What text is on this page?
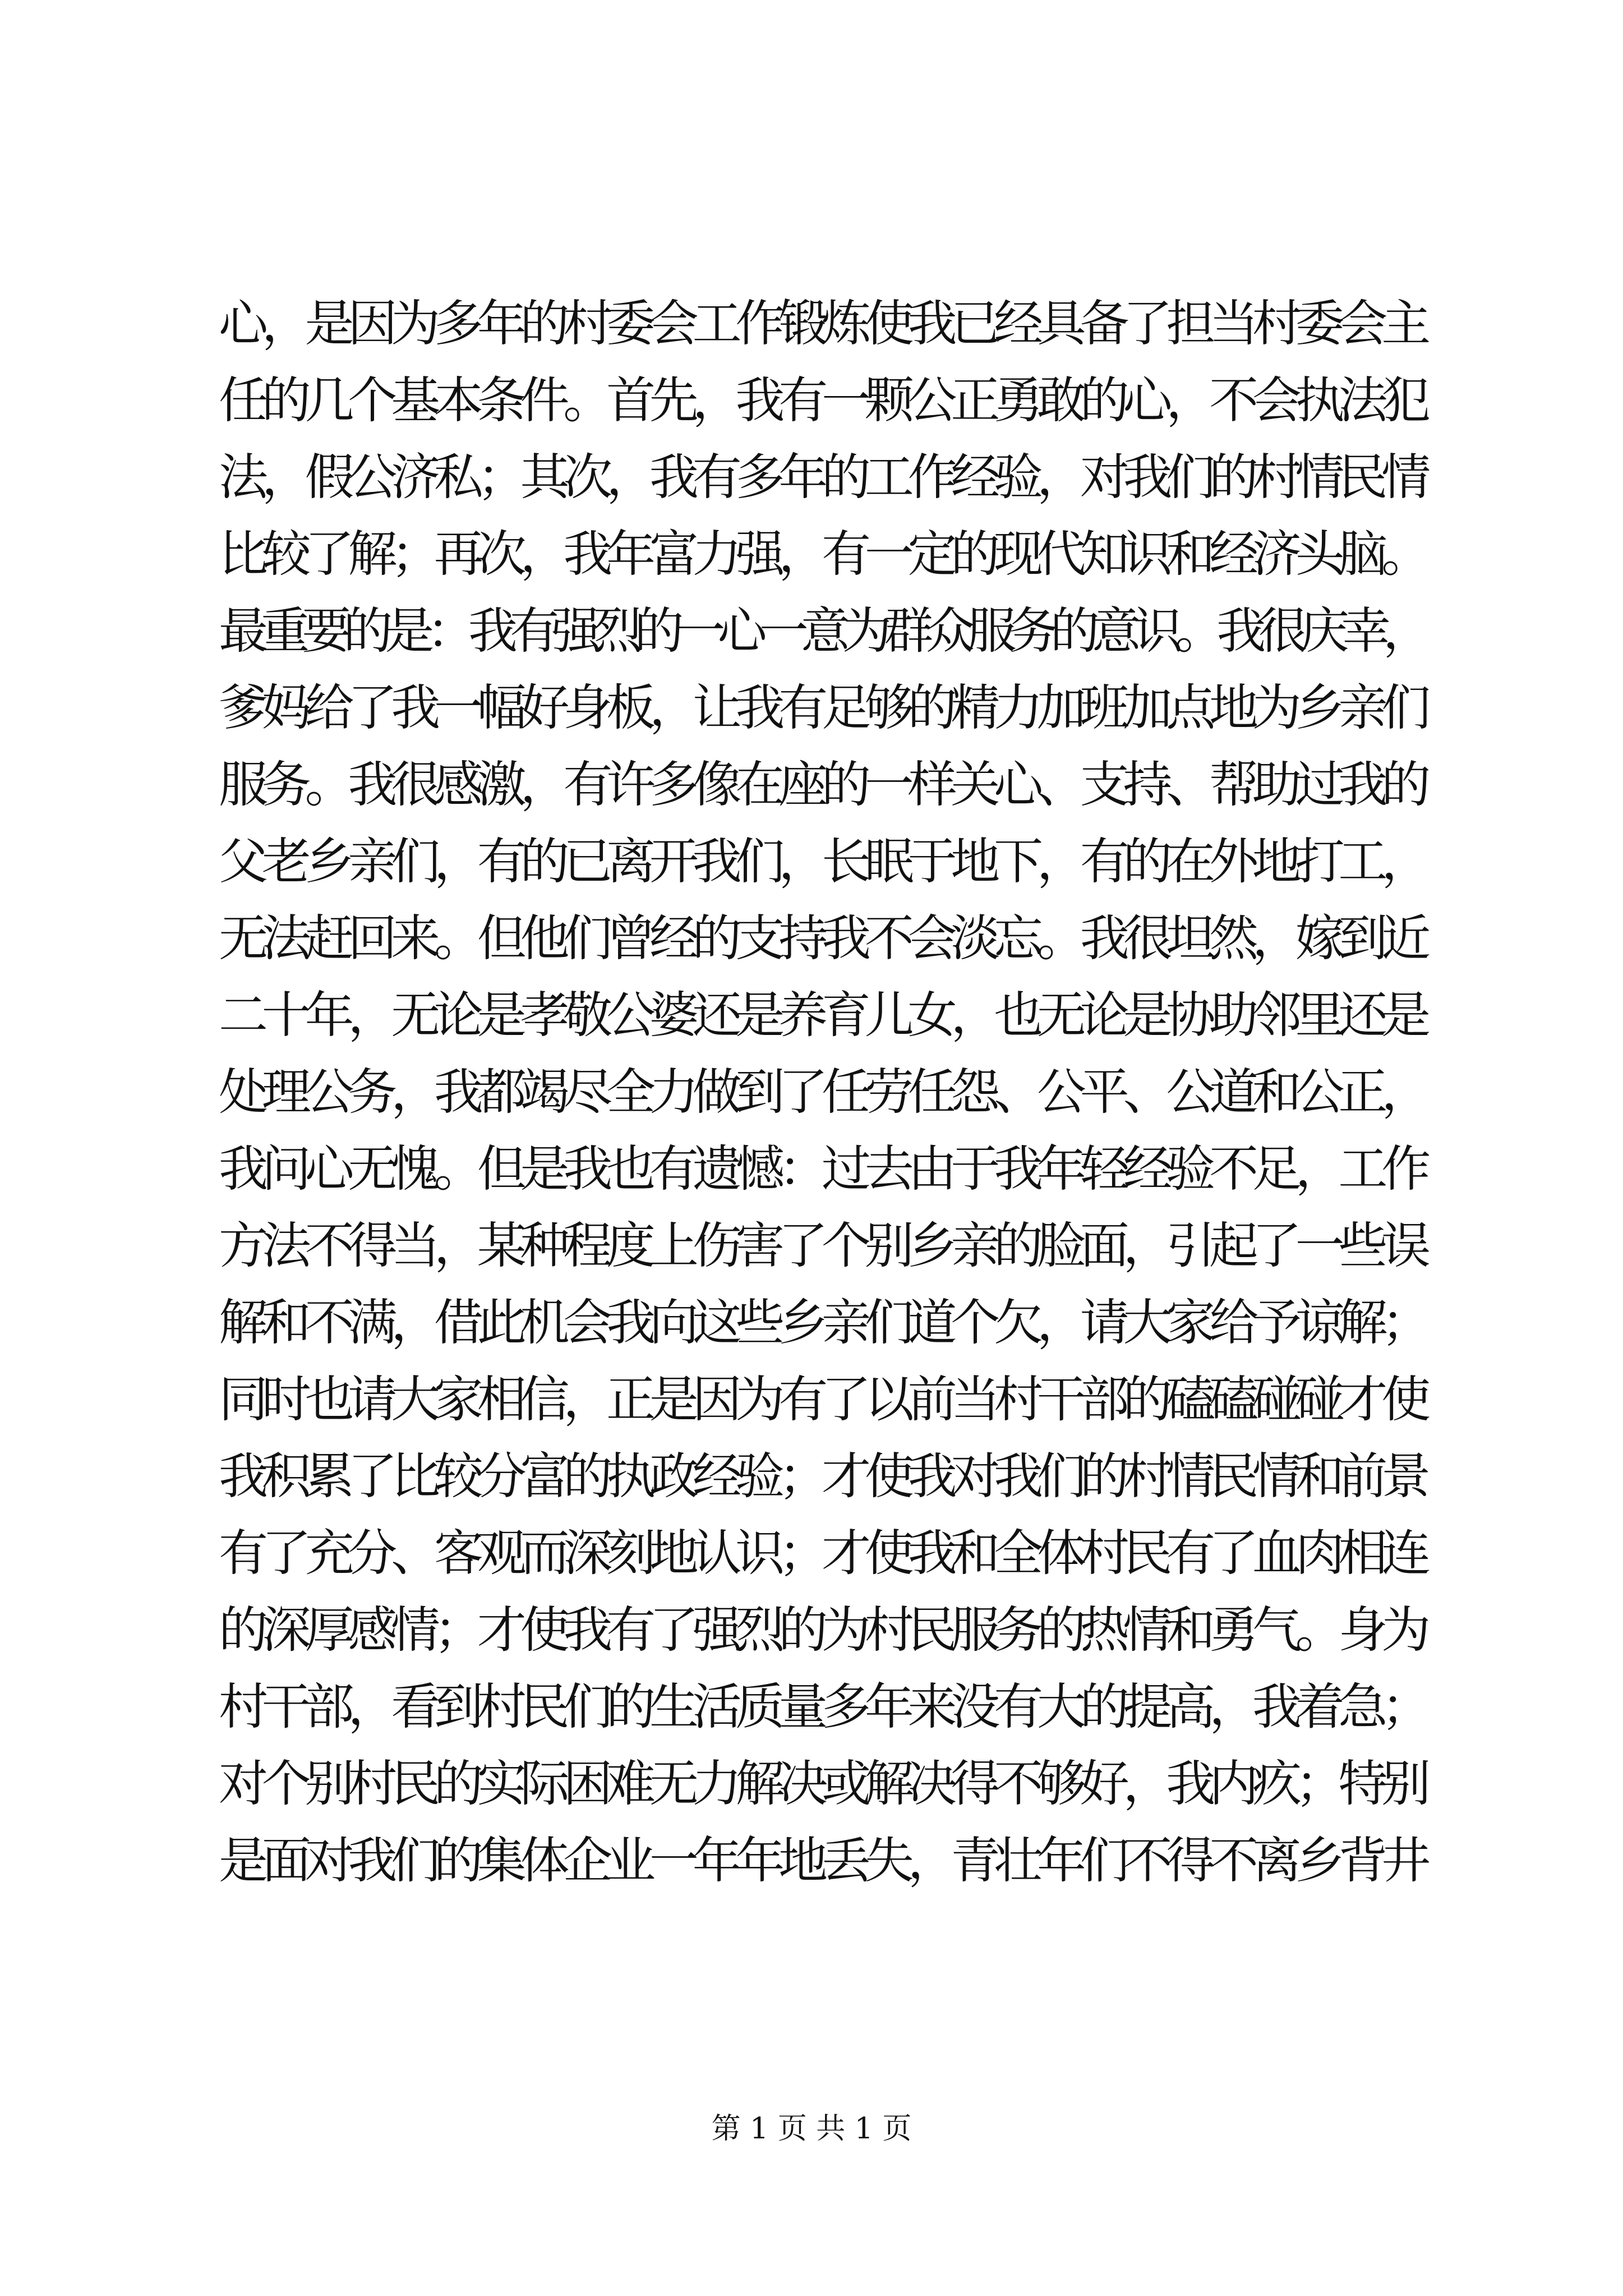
心，是因为多年的村委会工作锻炼使我已经具备了担当村委会主
任的几个基本条件。首先，我有一颗公正勇敢的心，不会执法犯
法，假公济私；其次，我有多年的工作经验，对我们的村情民情
比较了解；再次，我年富力强，有一定的现代知识和经济头脑。
最重要的是：我有强烈的一心一意为群众服务的意识。我很庆幸，
爹妈给了我一幅好身板，让我有足够的精力加班加点地为乡亲们
服务。我很感激，有许多像在座的一样关心、支持、帮助过我的
父老乡亲们，有的已离开我们，长眠于地下，有的在外地打工，
无法赶回来。但他们曾经的支持我不会淡忘。我很坦然，嫁到近
二十年，无论是孝敬公婆还是养育儿女，也无论是协助邻里还是
处理公务，我都竭尽全力做到了任劳任怨、公平、公道和公正，
我问心无愧。但是我也有遗憾：过去由于我年轻经验不足，工作
方法不得当，某种程度上伤害了个别乡亲的脸面，引起了一些误
解和不满，借此机会我向这些乡亲们道个欠，请大家给予谅解；
同时也请大家相信，正是因为有了以前当村干部的磕磕碰碰才使
我积累了比较分富的执政经验；才使我对我们的村情民情和前景
有了充分、客观而深刻地认识；才使我和全体村民有了血肉相连
的深厚感情；才使我有了强烈的为村民服务的热情和勇气。身为
村干部，看到村民们的生活质量多年来没有大的提高，我着急；
对个别村民的实际困难无力解决或解决得不够好，我内疚；特别
是面对我们的集体企业一年年地丢失，青壮年们不得不离乡背井
第 1 页 共 1 页
